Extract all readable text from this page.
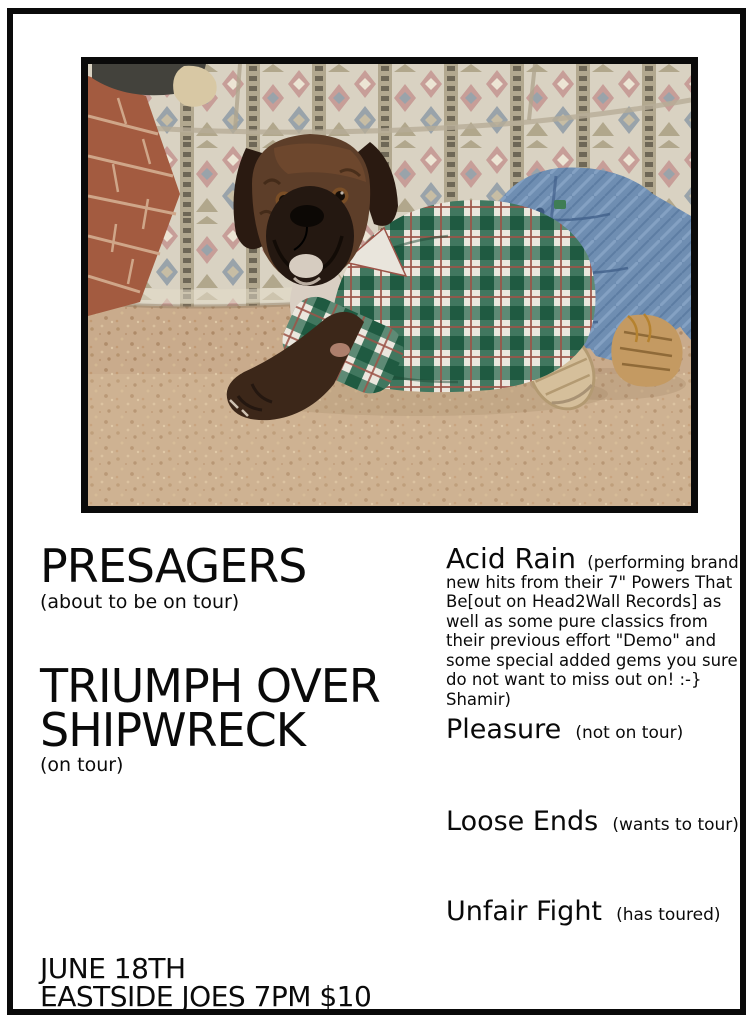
PRESAGERS
(about to be on tour)
TRIUMPH OVER SHIPWRECK
(on tour)

Acid Rain (performing brand new hits from their 7" Powers That Be[out on Head2Wall Records] as well as some pure classics from their previous effort "Demo" and some special added gems you sure do not want to miss out on! :-} Shamir)

Pleasure (not on tour)
Loose Ends (wants to tour)
Unfair Fight (has toured)
JUNE 18TH
EASTSIDE JOES 7PM $10
